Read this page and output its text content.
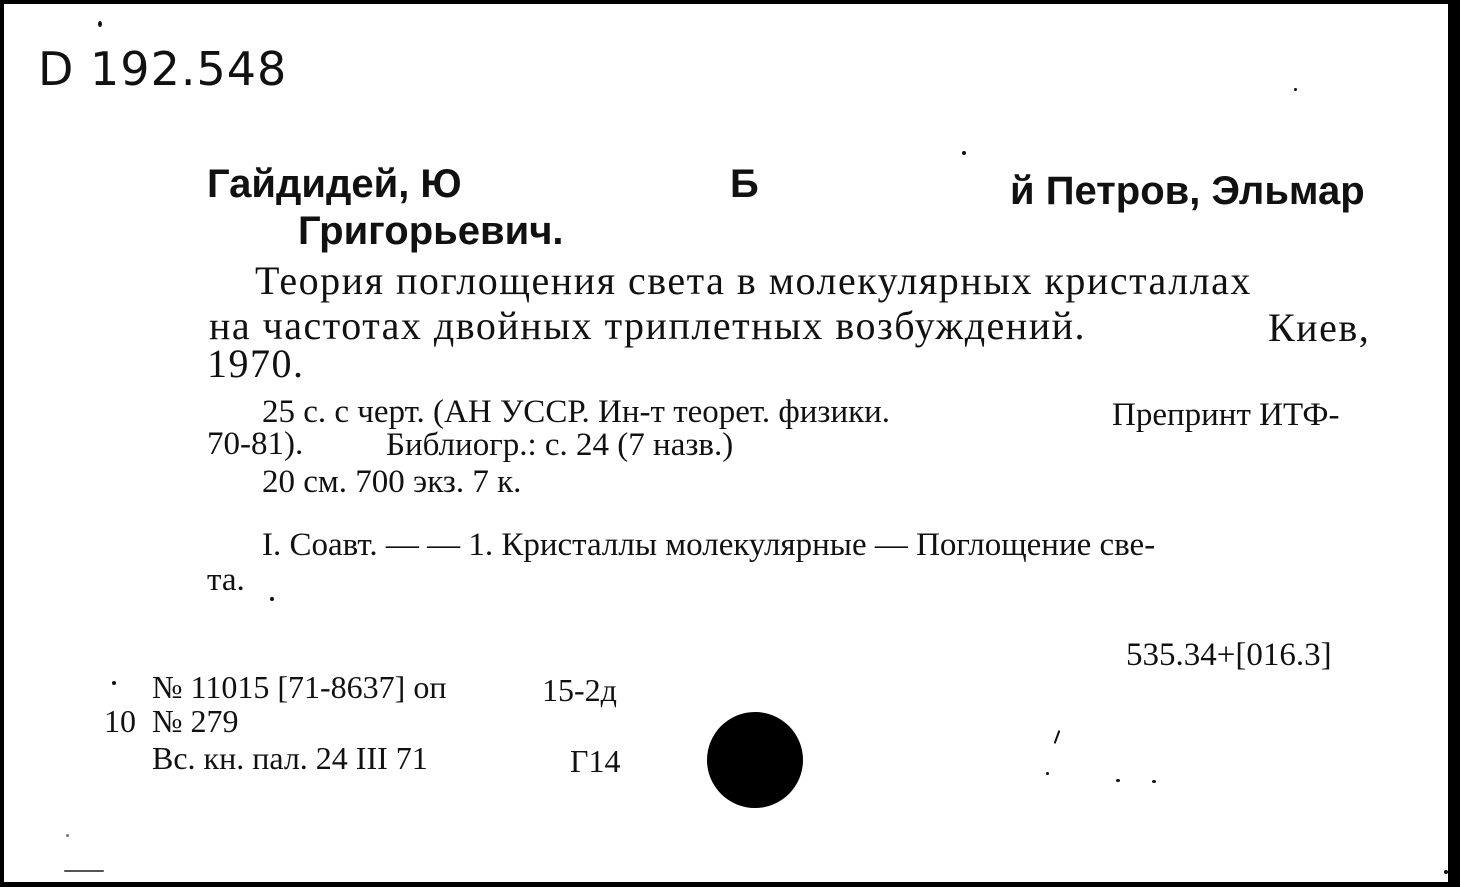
D 192.548
Гайдидей, Ю	Б	й Петров, Эльмар
Григорьевич.
Теория поглощения света в молекулярных кристаллах
на частотах двойных триплетных возбуждений.	Киев,
1970.
25 с. с черт. (АН УССР. Ин-т теорет. физики.	Препринт ИТФ-
70-81).	Библиогр.: с. 24 (7 назв.)
20 см. 700 экз. 7 к.
I. Соавт. — — 1. Кристаллы молекулярные — Поглощение све-
та.
535.34+[016.3]
№ 11015 [71-8637] оп	15-2д
10 № 279
Вс. кн. пал. 24 III 71	Г14
